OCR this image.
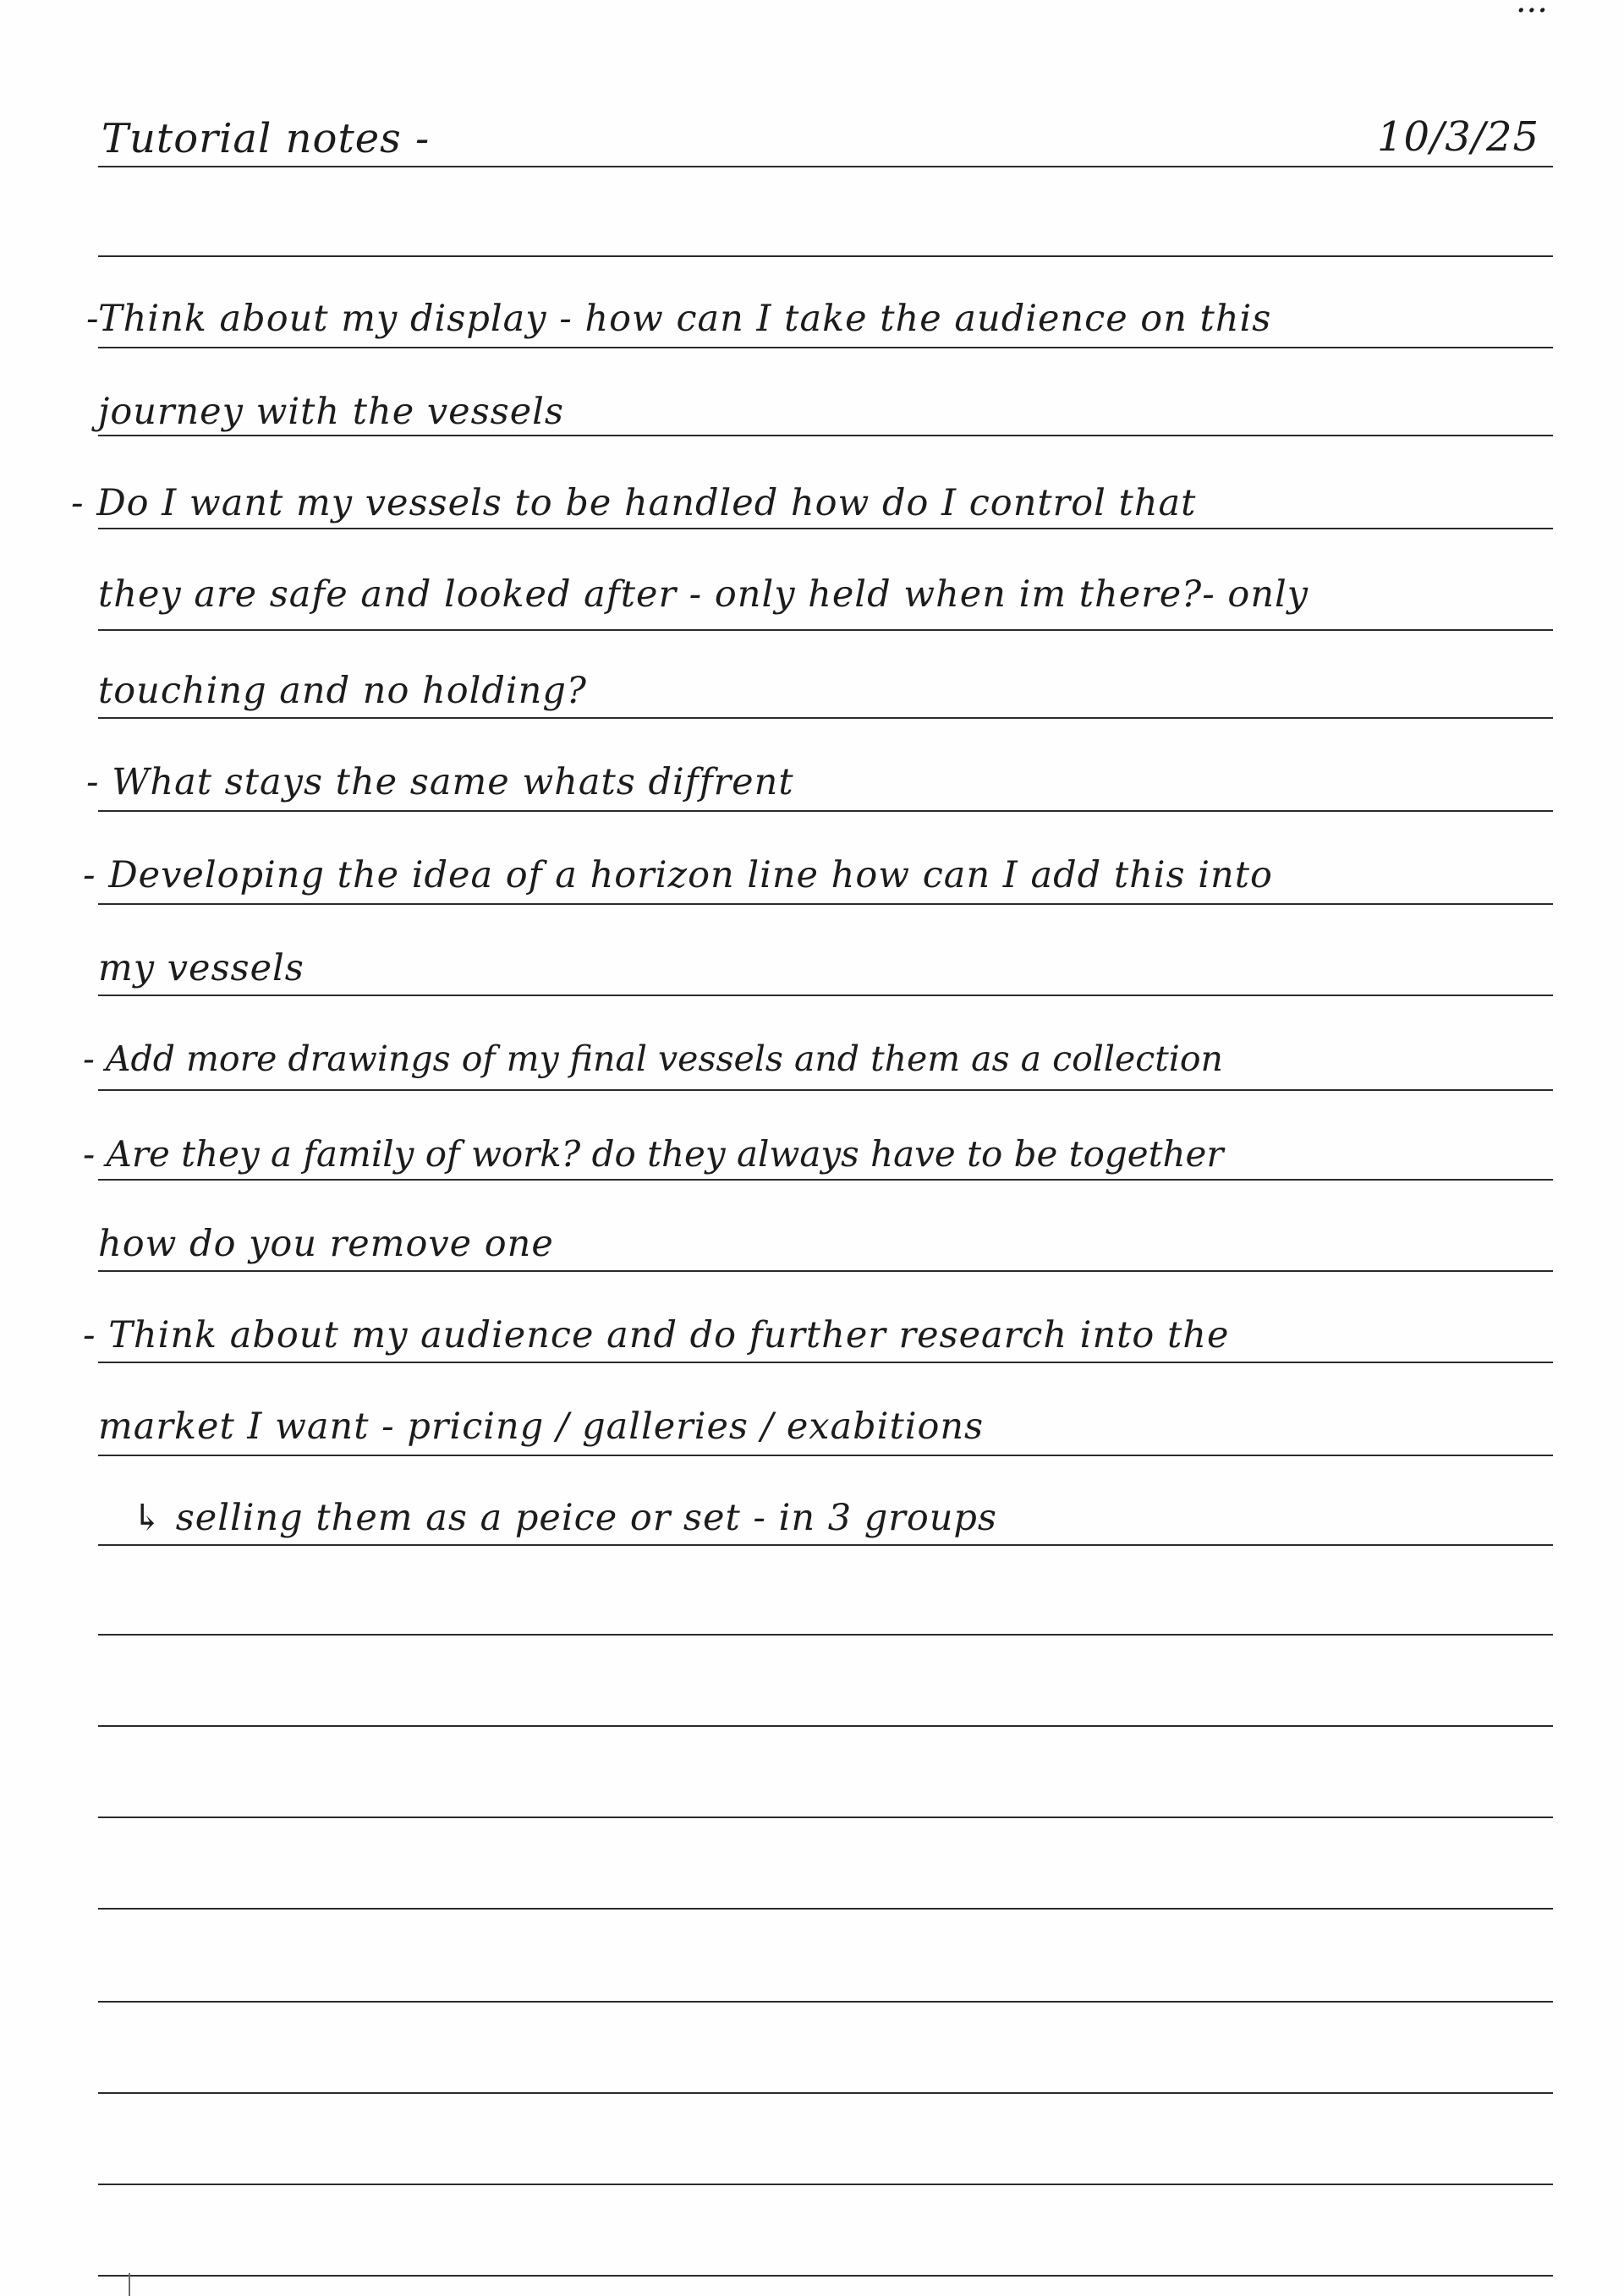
...
Tutorial notes -	10/3/25
-Think about my display - how can I take the audience on this
journey with the vessels
- Do I want my vessels to be handled how do I control that
they are safe and looked after - only held when im there?- only
touching and no holding?
- What stays the same whats diffrent
- Developing the idea of a horizon line how can I add this into
my vessels
- Add more drawings of my final vessels and them as a collection
- Are they a family of work? do they always have to be together
how do you remove one
- Think about my audience and do further research into the
market I want - pricing / galleries / exabitions
↳ selling them as a peice or set - in 3 groups
